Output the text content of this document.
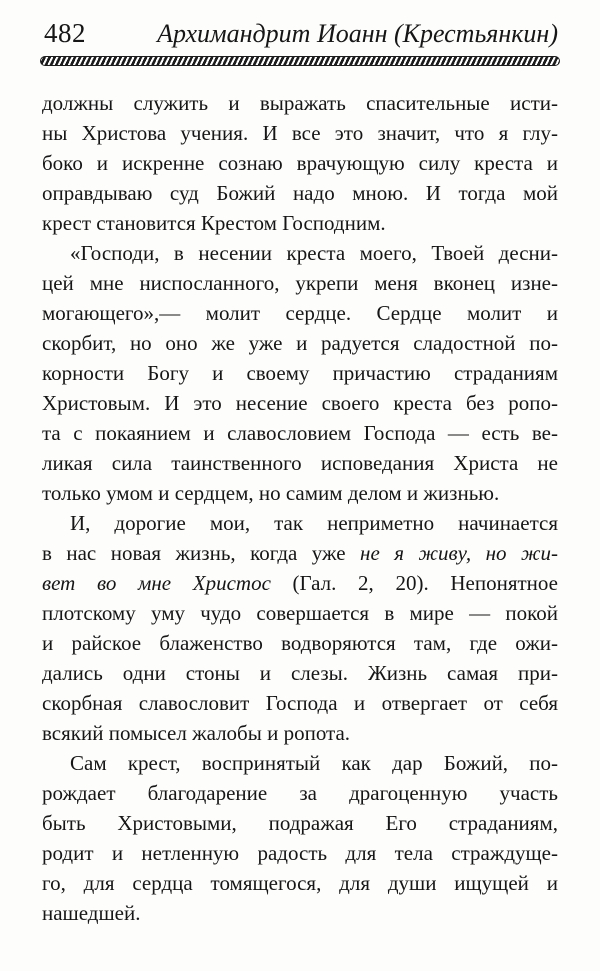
482	Архимандрит Иоанн (Крестьянкин)
должны служить и выражать спасительные исти-
ны Христова учения. И все это значит, что я глу-
боко и искренне сознаю врачующую силу креста и
оправдываю суд Божий надо мною. И тогда мой
крест становится Крестом Господним.
«Господи, в несении креста моего, Твоей десни-
цей мне ниспосланного, укрепи меня вконец изне-
могающего»,— молит сердце. Сердце молит и
скорбит, но оно же уже и радуется сладостной по-
корности Богу и своему причастию страданиям
Христовым. И это несение своего креста без ропо-
та с покаянием и славословием Господа — есть ве-
ликая сила таинственного исповедания Христа не
только умом и сердцем, но самим делом и жизнью.
И, дорогие мои, так неприметно начинается
в нас новая жизнь, когда уже не я живу, но жи-
вет во мне Христос (Гал. 2, 20). Непонятное
плотскому уму чудо совершается в мире — покой
и райское блаженство водворяются там, где ожи-
дались одни стоны и слезы. Жизнь самая при-
скорбная славословит Господа и отвергает от себя
всякий помысел жалобы и ропота.
Сам крест, воспринятый как дар Божий, по-
рождает благодарение за драгоценную участь
быть Христовыми, подражая Его страданиям,
родит и нетленную радость для тела страждуще-
го, для сердца томящегося, для души ищущей и
нашедшей.
